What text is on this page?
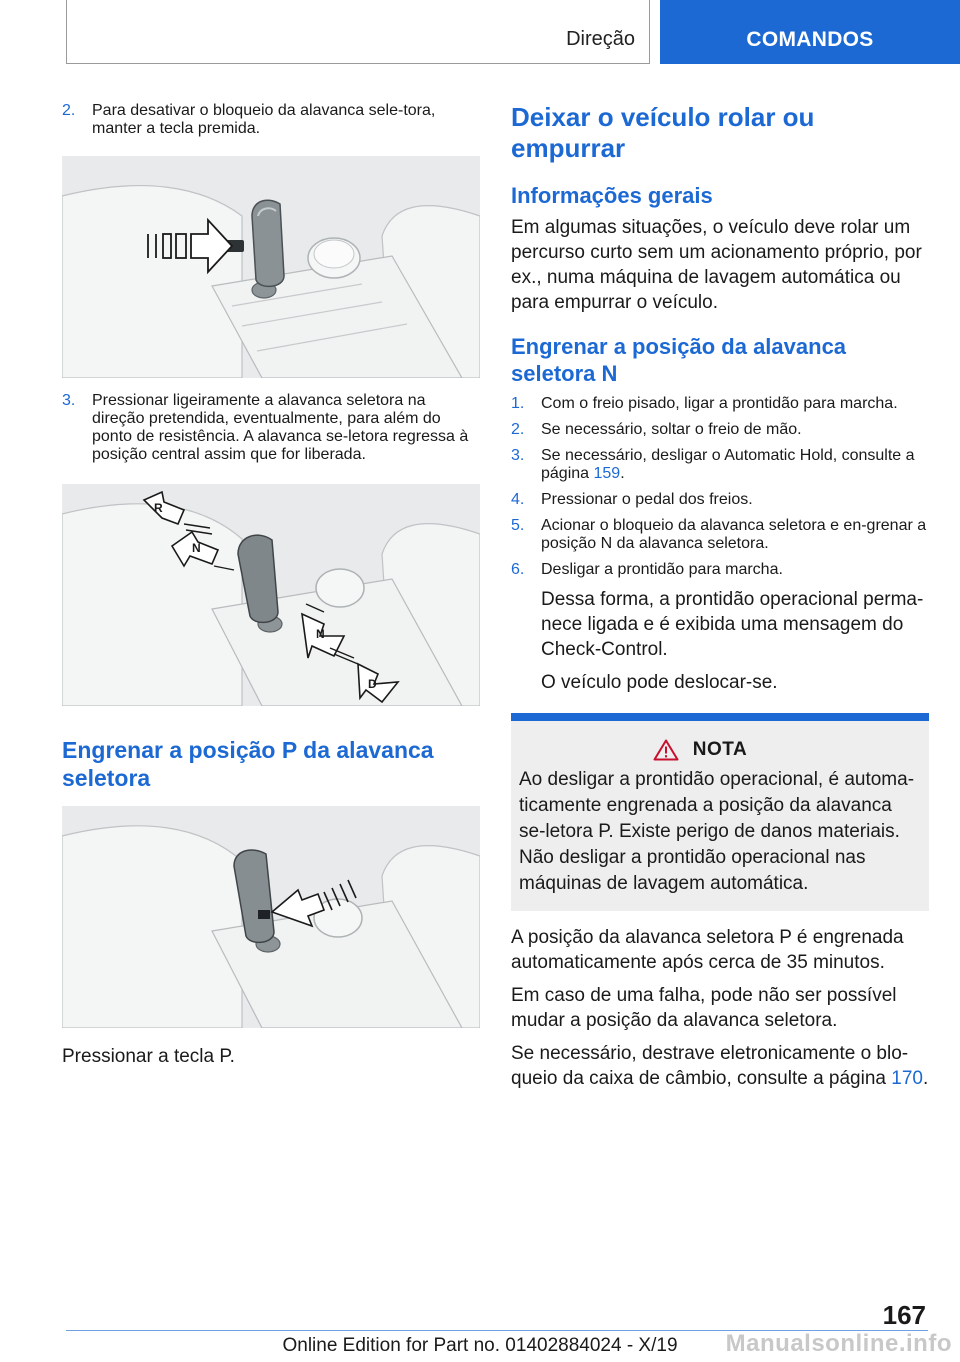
Direção	COMANDOS
2.	Para desativar o bloqueio da alavanca sele-tora, manter a tecla premida.
3.	Pressionar ligeiramente a alavanca seletora na direção pretendida, eventualmente, para além do ponto de resistência. A alavanca se-letora regressa à posição central assim que for liberada.
R
N
N
D
Engrenar a posição P da alavanca seletora

Pressionar a tecla P.

Deixar o veículo rolar ou empurrar
Informações gerais

Em algumas situações, o veículo deve rolar um percurso curto sem um acionamento próprio, por ex., numa máquina de lavagem automática ou para empurrar o veículo.

Engrenar a posição da alavanca seletora N
1.	Com o freio pisado, ligar a prontidão para marcha.
2.	Se necessário, soltar o freio de mão.
3.	Se necessário, desligar o Automatic Hold, consulte a página 159.
4.	Pressionar o pedal dos freios.
5.	Acionar o bloqueio da alavanca seletora e en-grenar a posição N da alavanca seletora.
6.	Desligar a prontidão para marcha.

Dessa forma, a prontidão operacional perma-nece ligada e é exibida uma mensagem do Check-Control.

O veículo pode deslocar-se.

NOTA

Ao desligar a prontidão operacional, é automa-ticamente engrenada a posição da alavanca se-letora P. Existe perigo de danos materiais. Não desligar a prontidão operacional nas máquinas de lavagem automática.

A posição da alavanca seletora P é engrenada automaticamente após cerca de 35 minutos.

Em caso de uma falha, pode não ser possível mudar a posição da alavanca seletora.

Se necessário, destrave eletronicamente o blo-queio da caixa de câmbio, consulte a página 170.

167
Online Edition for Part no. 01402884024 - X/19	Manualsonline.info
